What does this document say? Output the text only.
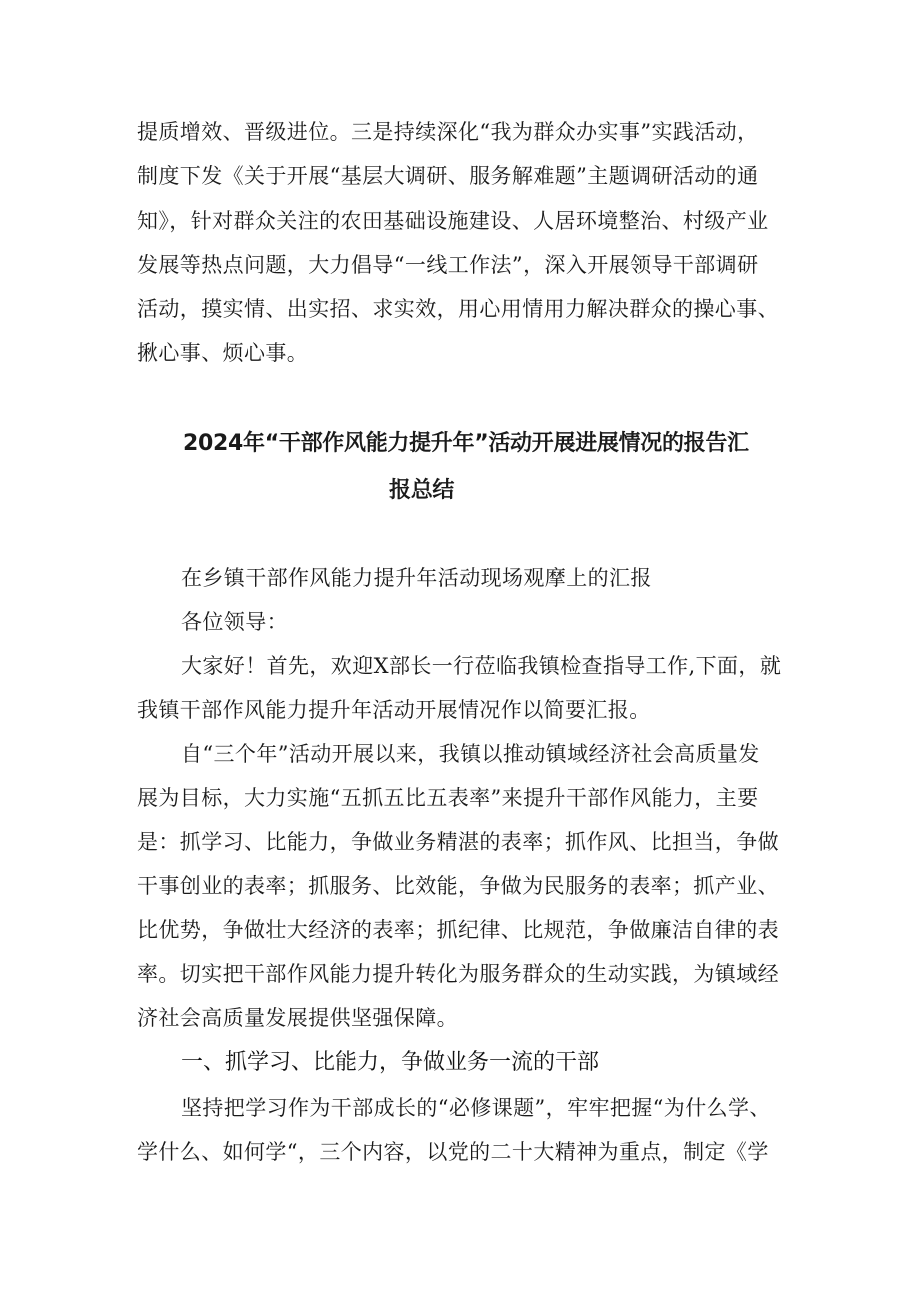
提质增效、晋级进位。三是持续深化“我为群众办实事”实践活动，
制度下发《关于开展“基层大调研、服务解难题”主题调研活动的通
知》，针对群众关注的农田基础设施建设、人居环境整治、村级产业
发展等热点问题，大力倡导“一线工作法”，深入开展领导干部调研
活动，摸实情、出实招、求实效，用心用情用力解决群众的操心事、
揪心事、烦心事。
2024年“干部作风能力提升年”活动开展进展情况的报告汇
报总结
在乡镇干部作风能力提升年活动现场观摩上的汇报
各位领导：
大家好！首先，欢迎X部长一行莅临我镇检查指导工作,下面，就
我镇干部作风能力提升年活动开展情况作以简要汇报。
自“三个年”活动开展以来，我镇以推动镇域经济社会高质量发
展为目标，大力实施“五抓五比五表率”来提升干部作风能力，主要
是：抓学习、比能力，争做业务精湛的表率；抓作风、比担当，争做
干事创业的表率；抓服务、比效能，争做为民服务的表率；抓产业、
比优势，争做壮大经济的表率；抓纪律、比规范，争做廉洁自律的表
率。切实把干部作风能力提升转化为服务群众的生动实践，为镇域经
济社会高质量发展提供坚强保障。
一、抓学习、比能力，争做业务一流的干部
坚持把学习作为干部成长的“必修课题”，牢牢把握“为什么学、
学什么、如何学“，三个内容，以党的二十大精神为重点，制定《学
